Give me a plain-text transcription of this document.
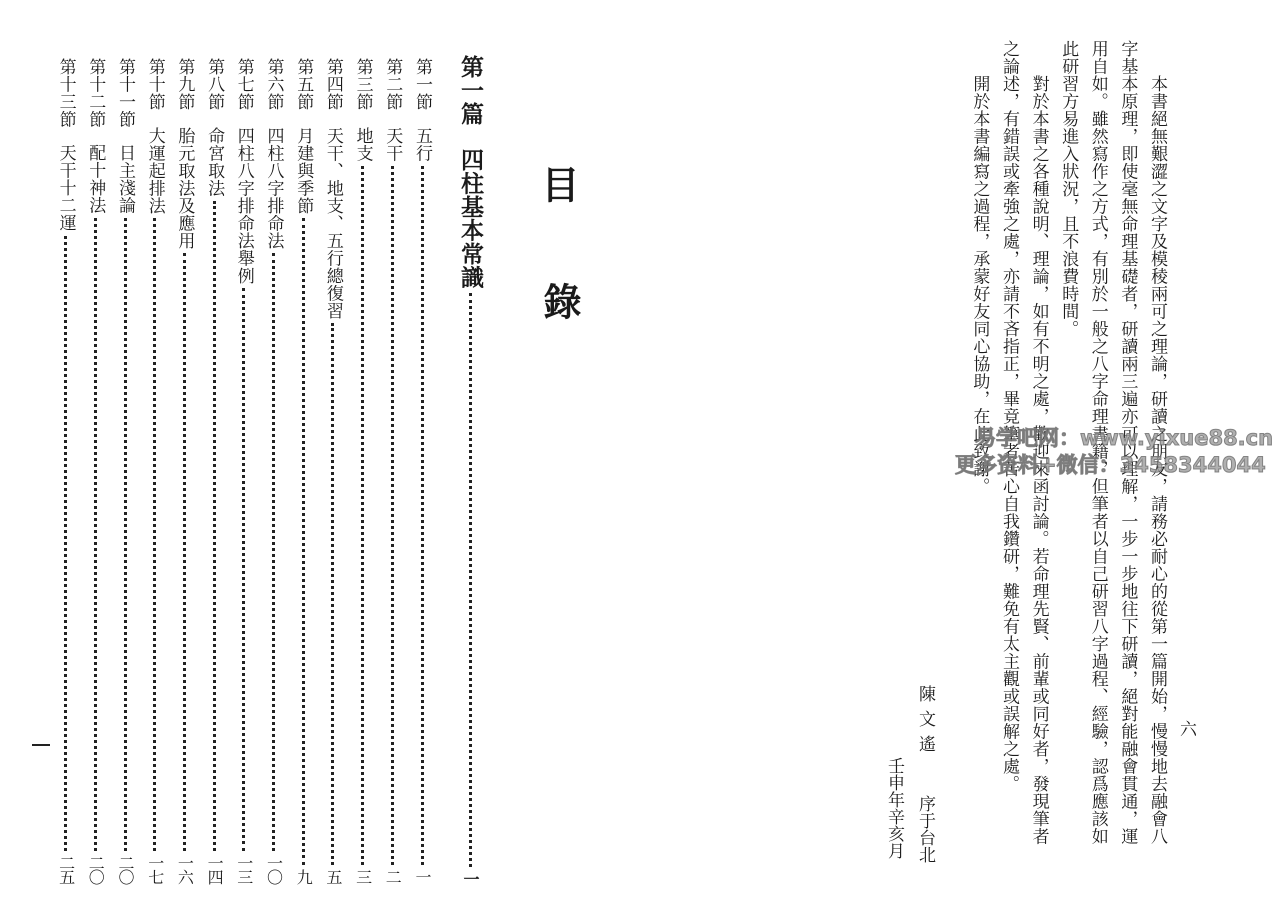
目
錄
第一篇
四柱基本常識
一
第一節
五行
一
第二節
天干
二
第三節
地支
三
第四節
天干、地支、五行總復習
五
第五節
月建與季節
九
第六節
四柱八字排命法
一〇
第七節
四柱八字排命法舉例
一三
第八節
命宮取法
一四
第九節
胎元取法及應用
一六
第十節
大運起排法
一七
第十一節
日主淺論
二〇
第十二節
配十神法
二〇
第十三節
天干十二運
二五
　　本書絕無艱澀之文字及模稜兩可之理論，研讀之朋友，請務必耐心的從第一篇開始，慢慢地去融會八
字基本原理，即使毫無命理基礎者，研讀兩三遍亦可以理解，一步一步地往下研讀，絕對能融會貫通，運
用自如。雖然寫作之方式，有別於一般之八字命理書籍，但筆者以自己研習八字過程、經驗，認爲應該如
此研習方易進入狀況，且不浪費時間。
　　對於本書之各種說明、理論，如有不明之處，歡迎來函討論。若命理先賢、前輩或同好者，發現筆者
之論述，有錯誤或牽強之處，亦請不吝指正，畢竟筆者苦心自我鑽研，難免有太主觀或誤解之處。
　　開於本書編寫之過程，承蒙好友同心協助，在此致謝。
六
陳文遙
序于台北
壬申年辛亥月
易学吧网：www.yixue88.cn
更多资料+微信：3458344044
